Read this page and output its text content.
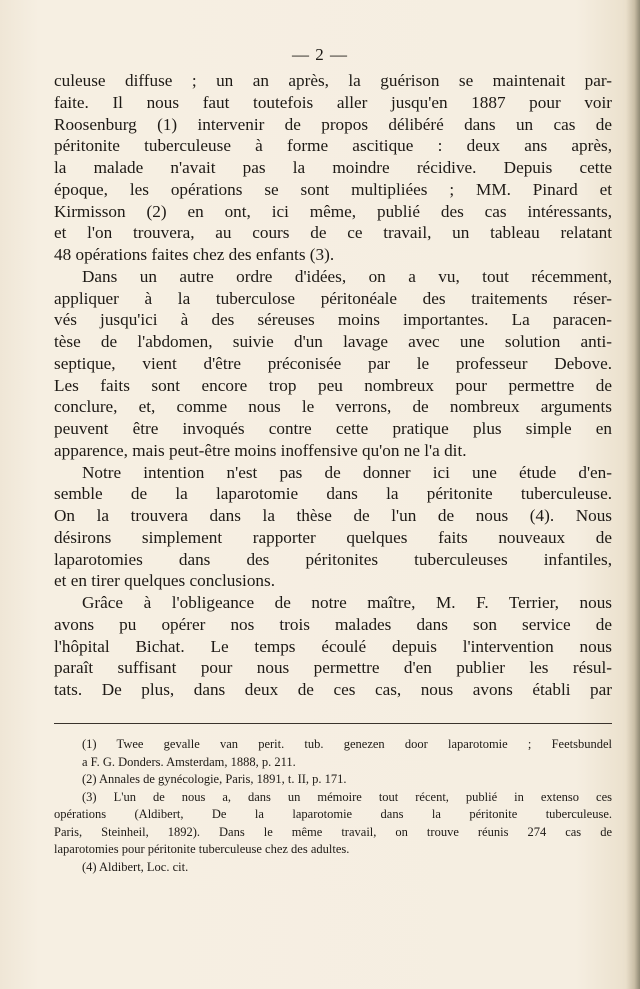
— 2 —
culeuse diffuse ; un an après, la guérison se maintenait par-
faite. Il nous faut toutefois aller jusqu'en 1887 pour voir
Roosenburg (1) intervenir de propos délibéré dans un cas de
péritonite tuberculeuse à forme ascitique : deux ans après,
la malade n'avait pas la moindre récidive. Depuis cette
époque, les opérations se sont multipliées ; MM. Pinard et
Kirmisson (2) en ont, ici même, publié des cas intéressants,
et l'on trouvera, au cours de ce travail, un tableau relatant
48 opérations faites chez des enfants (3).
Dans un autre ordre d'idées, on a vu, tout récemment,
appliquer à la tuberculose péritonéale des traitements réser-
vés jusqu'ici à des séreuses moins importantes. La paracen-
tèse de l'abdomen, suivie d'un lavage avec une solution anti-
septique, vient d'être préconisée par le professeur Debove.
Les faits sont encore trop peu nombreux pour permettre de
conclure, et, comme nous le verrons, de nombreux arguments
peuvent être invoqués contre cette pratique plus simple en
apparence, mais peut-être moins inoffensive qu'on ne l'a dit.
Notre intention n'est pas de donner ici une étude d'en-
semble de la laparotomie dans la péritonite tuberculeuse.
On la trouvera dans la thèse de l'un de nous (4). Nous
désirons simplement rapporter quelques faits nouveaux de
laparotomies dans des péritonites tuberculeuses infantiles,
et en tirer quelques conclusions.
Grâce à l'obligeance de notre maître, M. F. Terrier, nous
avons pu opérer nos trois malades dans son service de
l'hôpital Bichat. Le temps écoulé depuis l'intervention nous
paraît suffisant pour nous permettre d'en publier les résul-
tats. De plus, dans deux de ces cas, nous avons établi par
(1) Twee gevalle van perit. tub. genezen door laparotomie ; Feetsbundel
a F. G. Donders. Amsterdam, 1888, p. 211.
(2) Annales de gynécologie, Paris, 1891, t. II, p. 171.
(3) L'un de nous a, dans un mémoire tout récent, publié in extenso ces
opérations (Aldibert, De la laparotomie dans la péritonite tuberculeuse.
Paris, Steinheil, 1892). Dans le même travail, on trouve réunis 274 cas de
laparotomies pour péritonite tuberculeuse chez des adultes.
(4) Aldibert, Loc. cit.
